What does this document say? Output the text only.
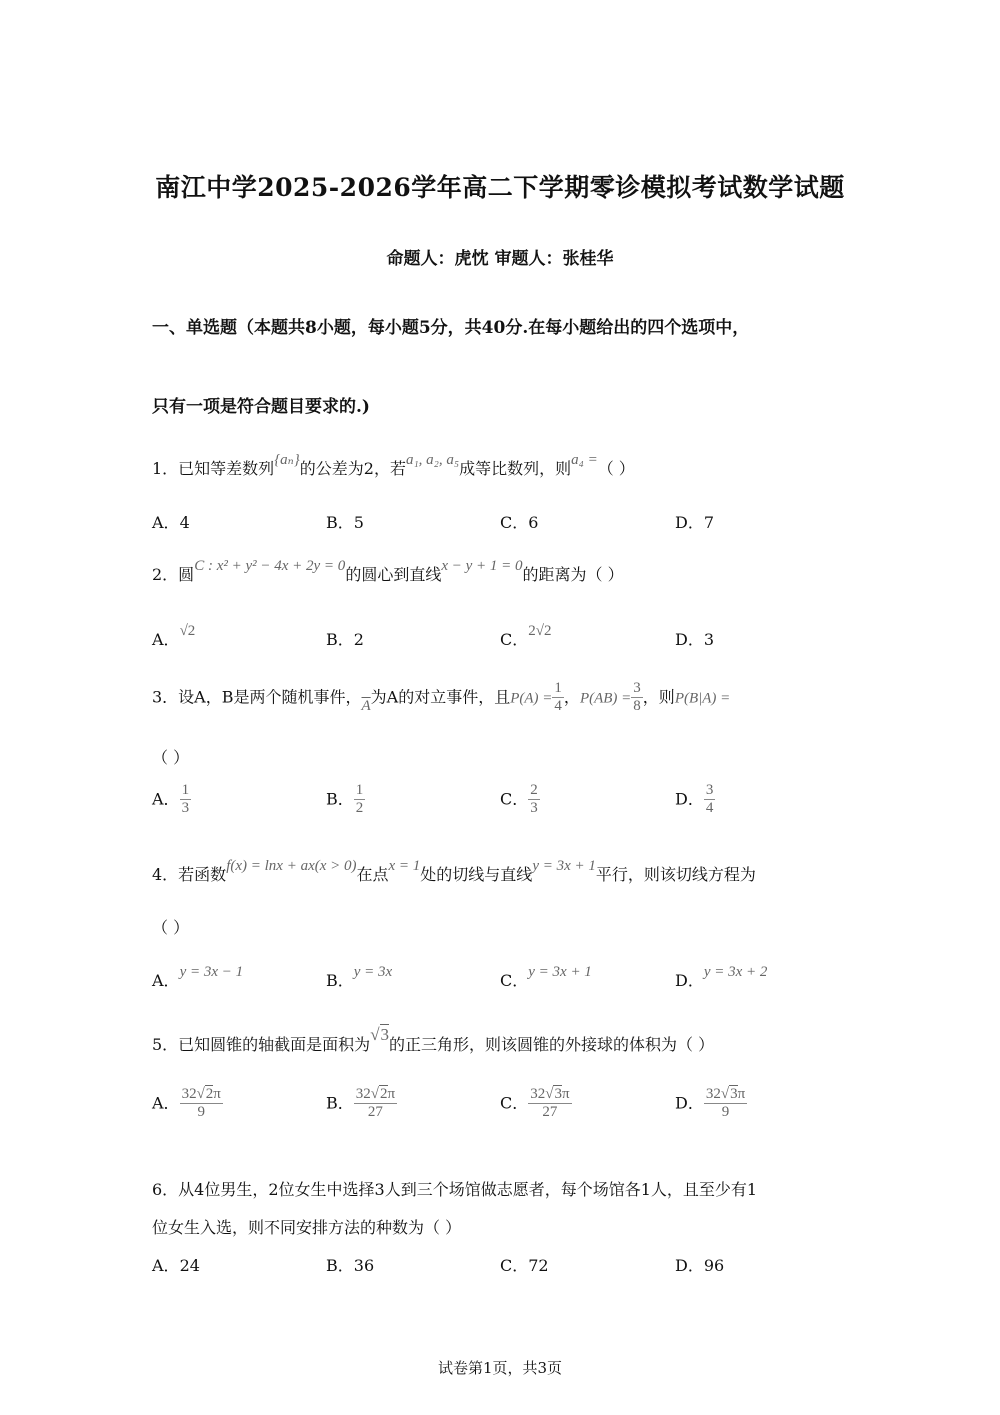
南江中学2025-2026学年高二下学期零诊模拟考试数学试题
命题人：虎忱 审题人：张桂华
一、单选题（本题共8小题，每小题5分，共40分.在每小题给出的四个选项中，
只有一项是符合题目要求的.)
1．已知等差数列{aₙ}的公差为2，若a₁, a₂, a₅成等比数列，则a₄ =（ ）
A．4	B．5	C．6	D．7
2．圆C : x² + y² − 4x + 2y = 0的圆心到直线x − y + 1 = 0的距离为（ ）
A．√2	B．2	C．2√2	D．3
3．设A，B是两个随机事件，$\overline{A}$为A的对立事件，且$P(A) = \frac{1}{4}$ ，$P(AB) = \frac{3}{8}$ ，则P(B|A) =
（ ）
A． $\frac{1}{3}$	B． $\frac{1}{2}$	C． $\frac{2}{3}$	D． $\frac{3}{4}$
4．若函数f(x) = lnx + ax(x > 0)在点x = 1处的切线与直线y = 3x + 1平行，则该切线方程为
（ ）
A．y = 3x − 1	B．y = 3x	C．y = 3x + 1	D．y = 3x + 2
5．已知圆锥的轴截面是面积为√3的正三角形，则该圆锥的外接球的体积为（ ）
A． $\frac{32√2\pi}{9}$	B． $\frac{32√2\pi}{27}$	C． $\frac{32√3\pi}{27}$	D． $\frac{32√3\pi}{9}$
6．从4位男生，2位女生中选择3人到三个场馆做志愿者，每个场馆各1人，且至少有1
位女生入选，则不同安排方法的种数为（ ）
A．24	B．36	C．72	D．96
试卷第1页，共3页
